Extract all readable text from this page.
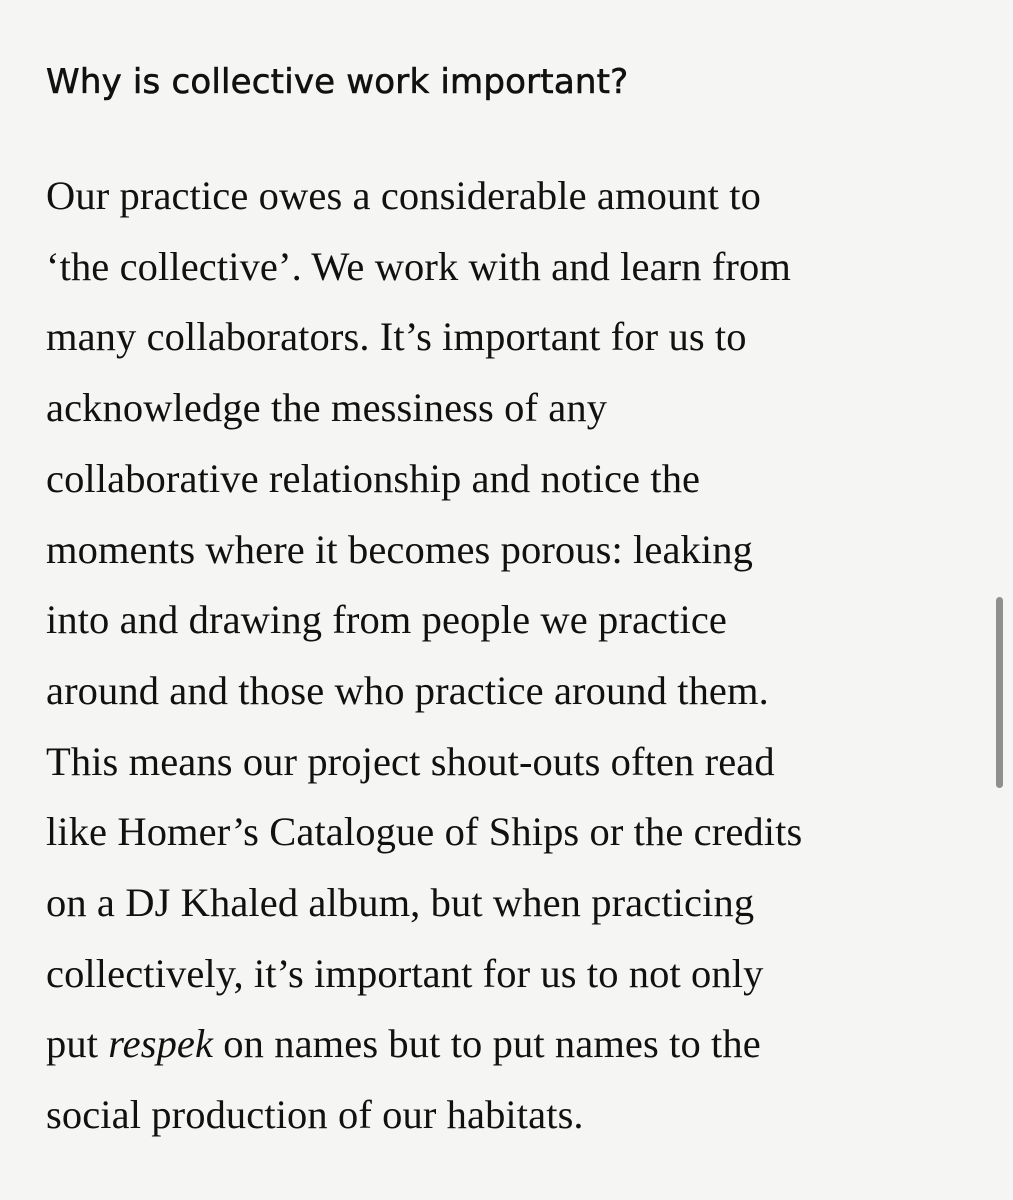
Why is collective work important?

Our practice owes a considerable amount to
‘the collective’. We work with and learn from
many collaborators. It’s important for us to
acknowledge the messiness of any
collaborative relationship and notice the
moments where it becomes porous: leaking
into and drawing from people we practice
around and those who practice around them.
This means our project shout-outs often read
like Homer’s Catalogue of Ships or the credits
on a DJ Khaled album, but when practicing
collectively, it’s important for us to not only
put respek on names but to put names to the
social production of our habitats.
